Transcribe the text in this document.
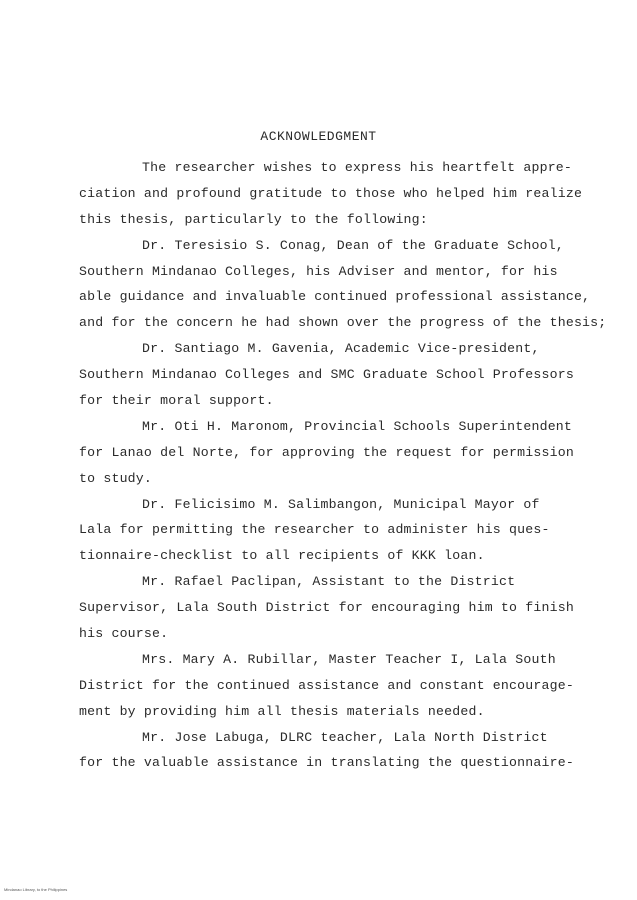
ACKNOWLEDGMENT

The researcher wishes to express his heartfelt appre-
ciation and profound gratitude to those who helped him realize
this thesis, particularly to the following:

Dr. Teresisio S. Conag, Dean of the Graduate School,
Southern Mindanao Colleges, his Adviser and mentor, for his
able guidance and invaluable continued professional assistance,
and for the concern he had shown over the progress of the thesis;

Dr. Santiago M. Gavenia, Academic Vice-president,
Southern Mindanao Colleges and SMC Graduate School Professors
for their moral support.

Mr. Oti H. Maronom, Provincial Schools Superintendent
for Lanao del Norte, for approving the request for permission
to study.

Dr. Felicisimo M. Salimbangon, Municipal Mayor of
Lala for permitting the researcher to administer his ques-
tionnaire-checklist to all recipients of KKK loan.

Mr. Rafael Paclipan, Assistant to the District
Supervisor, Lala South District for encouraging him to finish
his course.

Mrs. Mary A. Rubillar, Master Teacher I, Lala South
District for the continued assistance and constant encourage-
ment by providing him all thesis materials needed.

Mr. Jose Labuga, DLRC teacher, Lala North District
for the valuable assistance in translating the questionnaire-

Mindanao Library, to the Philippines
